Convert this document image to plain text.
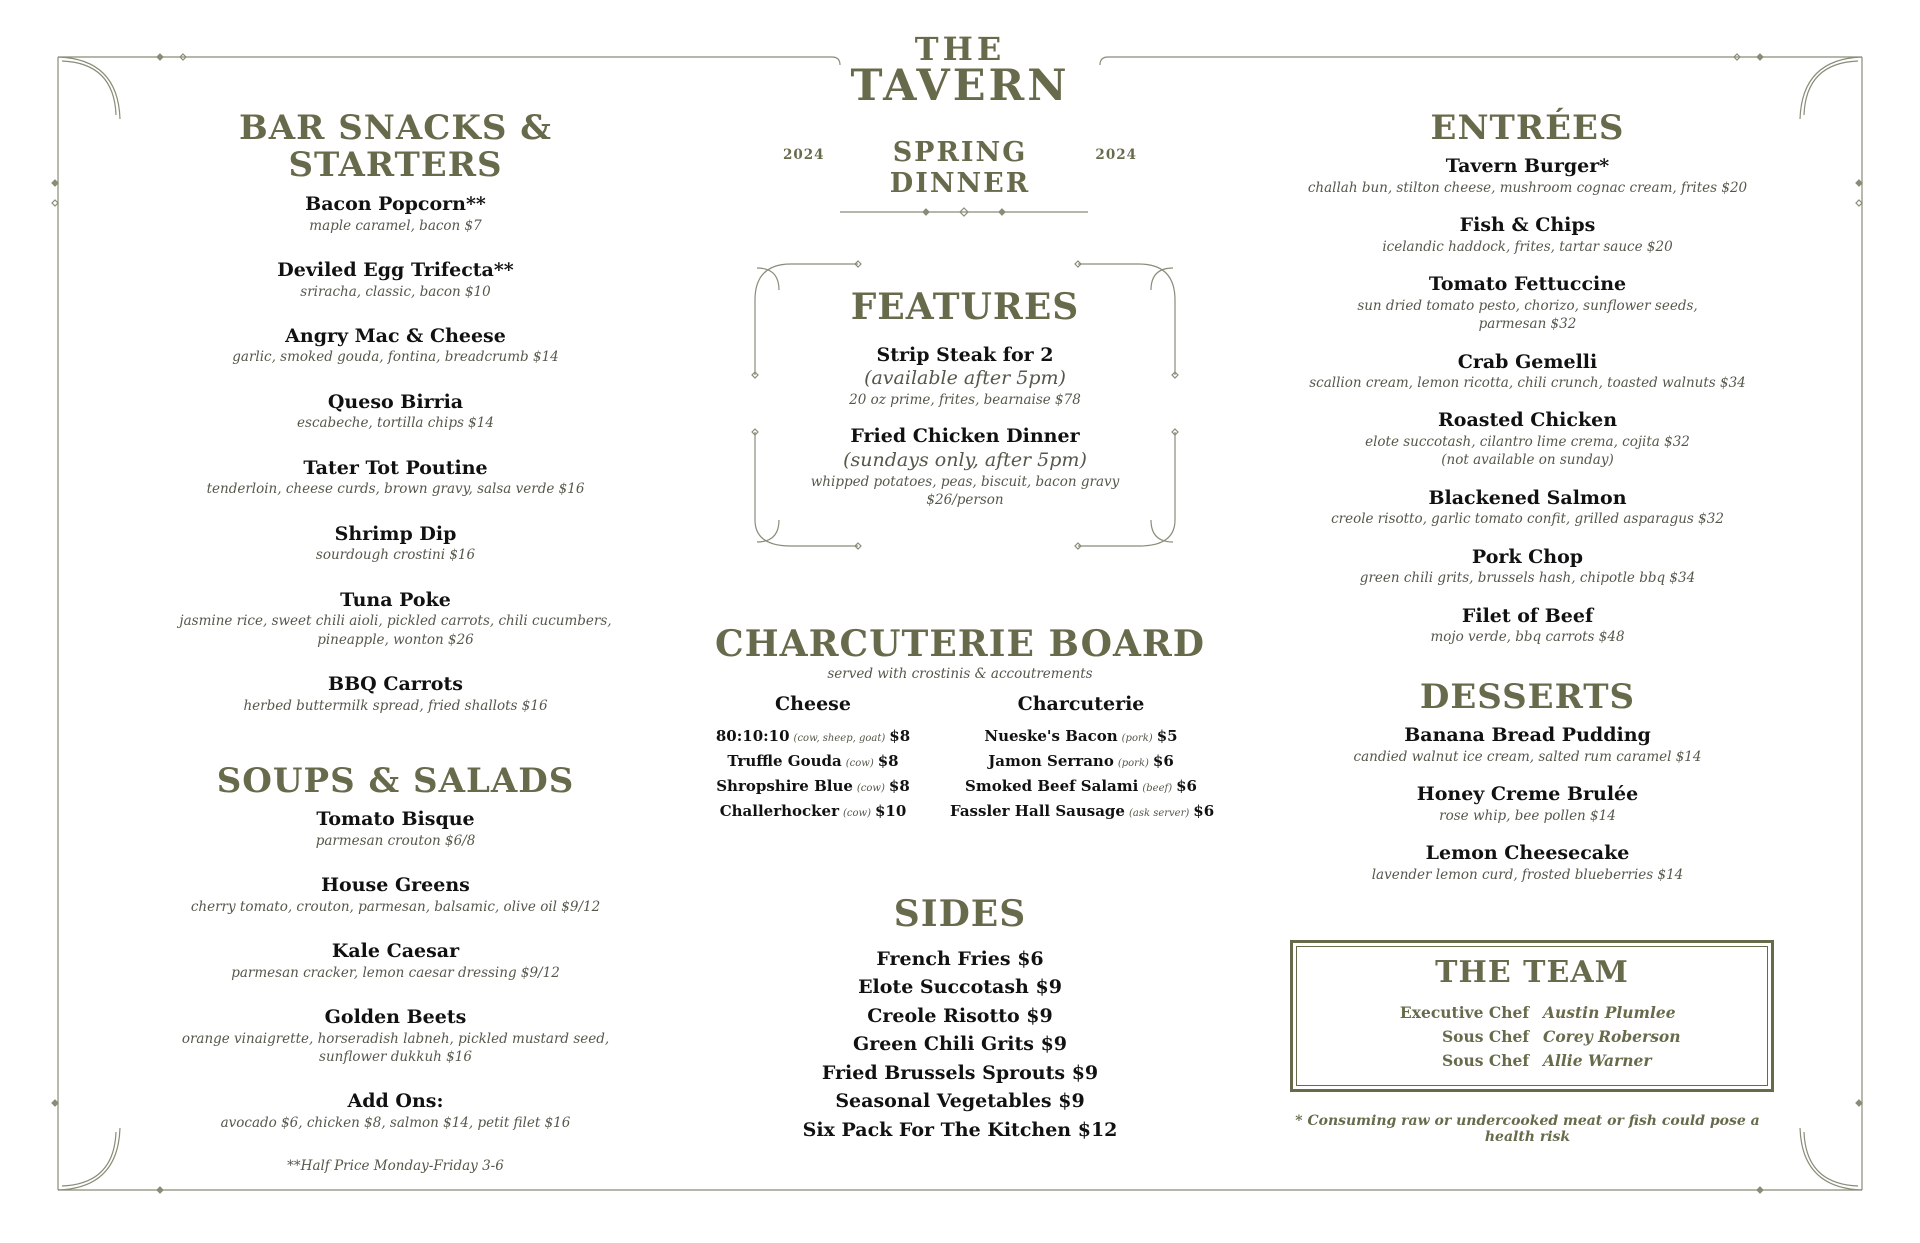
THE
TAVERN
BAR SNACKS & STARTERS
Bacon Popcorn**
maple caramel, bacon $7
Deviled Egg Trifecta**
sriracha, classic, bacon $10
Angry Mac & Cheese
garlic, smoked gouda, fontina, breadcrumb $14
Queso Birria
escabeche, tortilla chips $14
Tater Tot Poutine
tenderloin, cheese curds, brown gravy, salsa verde $16
Shrimp Dip
sourdough crostini $16
Tuna Poke
jasmine rice, sweet chili aioli, pickled carrots, chili cucumbers,
pineapple, wonton $26
BBQ Carrots
herbed buttermilk spread, fried shallots $16
SOUPS & SALADS
Tomato Bisque
parmesan crouton $6/8
House Greens
cherry tomato, crouton, parmesan, balsamic, olive oil $9/12
Kale Caesar
parmesan cracker, lemon caesar dressing $9/12
Golden Beets
orange vinaigrette, horseradish labneh, pickled mustard seed,
sunflower dukkuh $16
Add Ons:
avocado $6, chicken $8, salmon $14, petit filet $16
**Half Price Monday-Friday 3-6
2024	SPRING DINNER
2024
FEATURES
Strip Steak for 2
(available after 5pm)
20 oz prime, frites, bearnaise $78
Fried Chicken Dinner
(sundays only, after 5pm)
whipped potatoes, peas, biscuit, bacon gravy
$26/person
CHARCUTERIE BOARD
served with crostinis & accoutrements
Cheese
80:10:10 (cow, sheep, goat) $8
Truffle Gouda (cow) $8
Shropshire Blue (cow) $8
Challerhocker (cow) $10
Charcuterie
Nueske's Bacon (pork) $5
Jamon Serrano (pork) $6
Smoked Beef Salami (beef) $6
Fassler Hall Sausage (ask server) $6
SIDES
French Fries $6
Elote Succotash $9
Creole Risotto $9
Green Chili Grits $9
Fried Brussels Sprouts $9
Seasonal Vegetables $9
Six Pack For The Kitchen $12
ENTRÉES
Tavern Burger*
challah bun, stilton cheese, mushroom cognac cream, frites $20
Fish & Chips
icelandic haddock, frites, tartar sauce $20
Tomato Fettuccine
sun dried tomato pesto, chorizo, sunflower seeds,
parmesan $32
Crab Gemelli
scallion cream, lemon ricotta, chili crunch, toasted walnuts $34
Roasted Chicken
elote succotash, cilantro lime crema, cojita $32
(not available on sunday)
Blackened Salmon
creole risotto, garlic tomato confit, grilled asparagus $32
Pork Chop
green chili grits, brussels hash, chipotle bbq $34
Filet of Beef
mojo verde, bbq carrots $48
DESSERTS
Banana Bread Pudding
candied walnut ice cream, salted rum caramel $14
Honey Creme Brulée
rose whip, bee pollen $14
Lemon Cheesecake
lavender lemon curd, frosted blueberries $14
THE TEAM
Executive Chef Austin Plumlee
Sous Chef Corey Roberson
Sous Chef Allie Warner
* Consuming raw or undercooked meat or fish could pose a health risk
